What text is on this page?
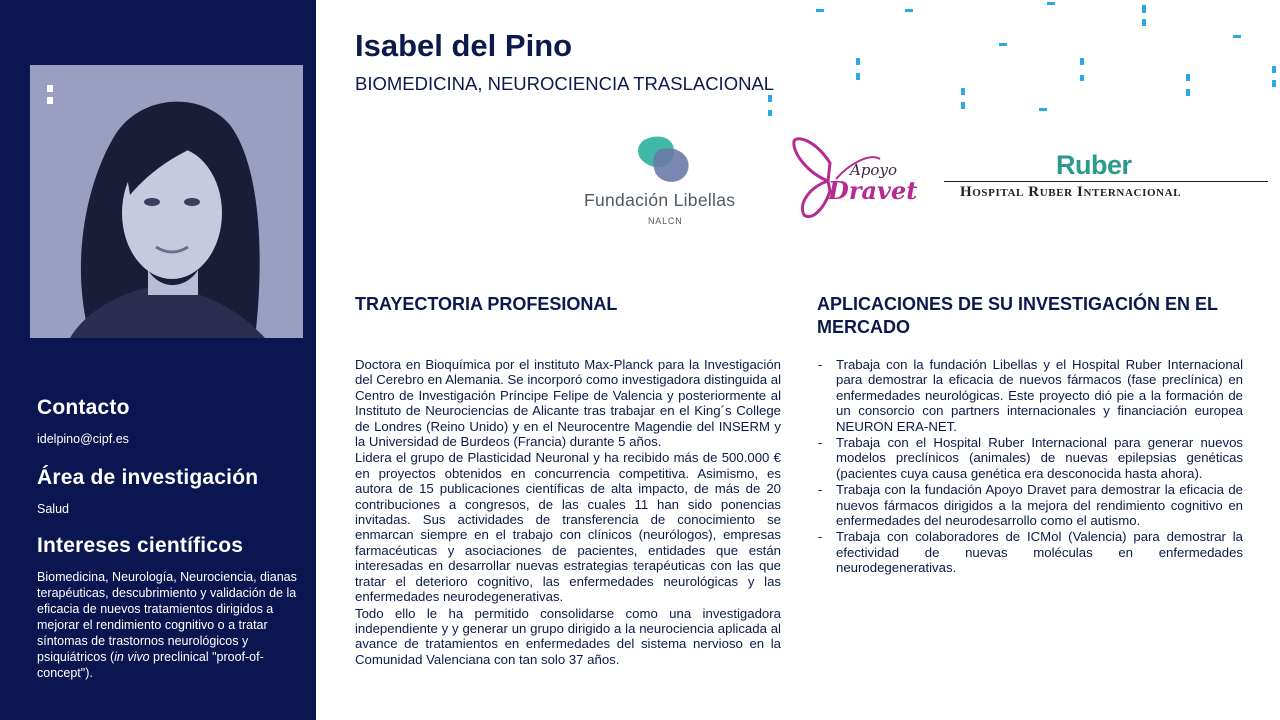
Contacto
idelpino@cipf.es
Área de investigación
Salud
Intereses científicos
Biomedicina, Neurología, Neurociencia, dianas terapéuticas, descubrimiento y validación de la eficacia de nuevos tratamientos dirigidos a mejorar el rendimiento cognitivo o a tratar síntomas de trastornos neurológicos y psiquiátricos (in vivo preclinical "proof-of-concept").
Isabel del Pino
BIOMEDICINA, NEUROCIENCIA TRASLACIONAL
Fundación Libellas
NALCN
Apoyo
Dravet
Ruber
Hospital Ruber Internacional
TRAYECTORIA PROFESIONAL

Doctora en Bioquímica por el instituto Max-Planck para la Investigación del Cerebro en Alemania. Se incorporó como investigadora distinguida al Centro de Investigación Príncipe Felipe de Valencia y posteriormente al Instituto de Neurociencias de Alicante tras trabajar en el King´s College de Londres (Reino Unido) y en el Neurocentre Magendie del INSERM y la Universidad de Burdeos (Francia) durante 5 años.

Lidera el grupo de Plasticidad Neuronal y ha recibido más de 500.000 € en proyectos obtenidos en concurrencia competitiva. Asimismo, es autora de 15 publicaciones científicas de alta impacto, de más de 20 contribuciones a congresos, de las cuales 11 han sido ponencias invitadas. Sus actividades de transferencia de conocimiento se enmarcan siempre en el trabajo con clínicos (neurólogos), empresas farmacéuticas y asociaciones de pacientes, entidades que están interesadas en desarrollar nuevas estrategias terapéuticas con las que tratar el deterioro cognitivo, las enfermedades neurológicas y las enfermedades neurodegenerativas.

Todo ello le ha permitido consolidarse como una investigadora independiente y y generar un grupo dirigido a la neurociencia aplicada al avance de tratamientos en enfermedades del sistema nervioso en la Comunidad Valenciana con tan solo 37 años.

APLICACIONES DE SU INVESTIGACIÓN EN EL MERCADO
- Trabaja con la fundación Libellas y el Hospital Ruber Internacional para demostrar la eficacia de nuevos fármacos (fase preclínica) en enfermedades neurológicas. Este proyecto dió pie a la formación de un consorcio con partners internacionales y financiación europea NEURON ERA-NET.
- Trabaja con el Hospital Ruber Internacional para generar nuevos modelos preclínicos (animales) de nuevas epilepsias genéticas (pacientes cuya causa genética era desconocida hasta ahora).
- Trabaja con la fundación Apoyo Dravet para demostrar la eficacia de nuevos fármacos dirigidos a la mejora del rendimiento cognitivo en enfermedades del neurodesarrollo como el autismo.
- Trabaja con colaboradores de ICMol (Valencia) para demostrar la efectividad de nuevas moléculas en enfermedades neurodegenerativas.
